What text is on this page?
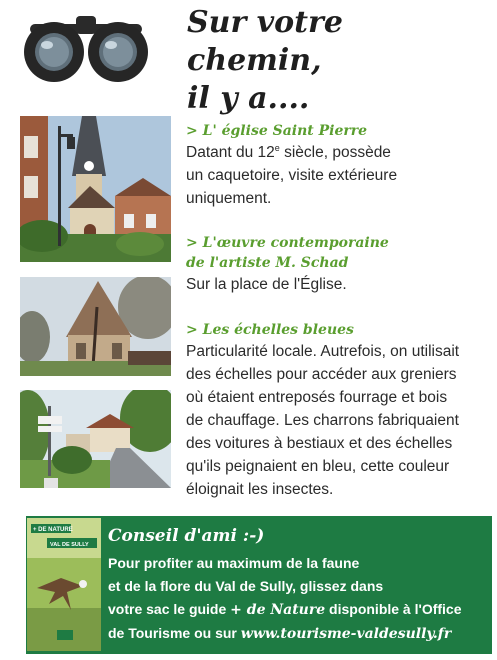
Sur votre chemin,
il y a....

> L' église Saint Pierre

Datant du 12e siècle, possède
un caquetoire, visite extérieure
uniquement.

> L'œuvre contemporaine
de l'artiste M. Schad

Sur la place de l'Église.

> Les échelles bleues

Particularité locale. Autrefois, on utilisait
des échelles pour accéder aux greniers
où étaient entreposés fourrage et bois
de chauffage. Les charrons fabriquaient
des voitures à bestiaux et des échelles
qu'ils peignaient en bleu, cette couleur
éloignait les insectes.

+ DE NATURE
VAL DE SULLY Conseil d'ami :-)

Pour profiter au maximum de la faune
et de la flore du Val de Sully, glissez dans
votre sac le guide + de Nature disponible à l'Office
de Tourisme ou sur www.tourisme-valdesully.fr
